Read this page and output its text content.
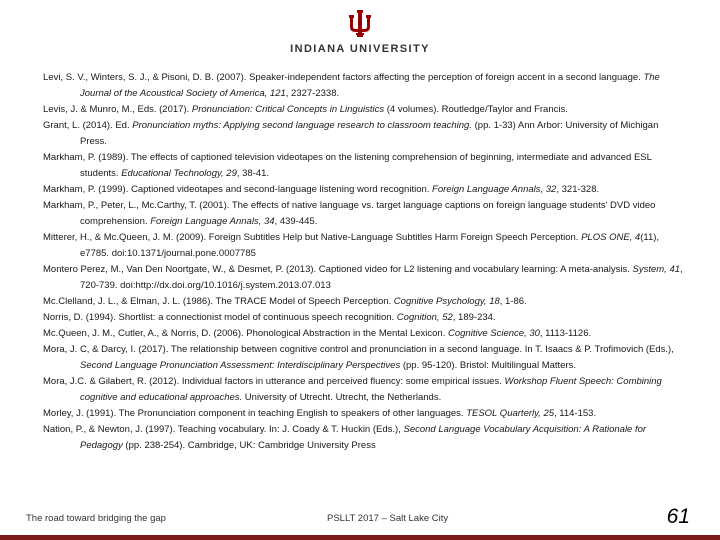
INDIANA UNIVERSITY

Levi, S. V., Winters, S. J., & Pisoni, D. B. (2007). Speaker-independent factors affecting the perception of foreign accent in a second language. The Journal of the Acoustical Society of America, 121, 2327-2338.

Levis, J. & Munro, M., Eds. (2017). Pronunciation: Critical Concepts in Linguistics (4 volumes). Routledge/Taylor and Francis.

Grant, L. (2014). Ed. Pronunciation myths: Applying second language research to classroom teaching. (pp. 1-33) Ann Arbor: University of Michigan Press.

Markham, P. (1989). The effects of captioned television videotapes on the listening comprehension of beginning, intermediate and advanced ESL students. Educational Technology, 29, 38-41.

Markham, P. (1999). Captioned videotapes and second-language listening word recognition. Foreign Language Annals, 32, 321-328.

Markham, P., Peter, L., Mc.Carthy, T. (2001). The effects of native language vs. target language captions on foreign language students' DVD video comprehension. Foreign Language Annals, 34, 439-445.

Mitterer, H., & Mc.Queen, J. M. (2009). Foreign Subtitles Help but Native-Language Subtitles Harm Foreign Speech Perception. PLOS ONE, 4(11), e7785. doi:10.1371/journal.pone.0007785

Montero Perez, M., Van Den Noortgate, W., & Desmet, P. (2013). Captioned video for L2 listening and vocabulary learning: A meta-analysis. System, 41, 720-739. doi:http://dx.doi.org/10.1016/j.system.2013.07.013

Mc.Clelland, J. L., & Elman, J. L. (1986). The TRACE Model of Speech Perception. Cognitive Psychology, 18, 1-86.

Norris, D. (1994). Shortlist: a connectionist model of continuous speech recognition. Cognition, 52, 189-234.

Mc.Queen, J. M., Cutler, A., & Norris, D. (2006). Phonological Abstraction in the Mental Lexicon. Cognitive Science, 30, 1113-1126.

Mora, J. C, & Darcy, I. (2017). The relationship between cognitive control and pronunciation in a second language. In T. Isaacs & P. Trofimovich (Eds.), Second Language Pronunciation Assessment: Interdisciplinary Perspectives (pp. 95-120). Bristol: Multilingual Matters.

Mora, J.C. & Gilabert, R. (2012). Individual factors in utterance and perceived fluency: some empirical issues. Workshop Fluent Speech: Combining cognitive and educational approaches. University of Utrecht. Utrecht, the Netherlands.

Morley, J. (1991). The Pronunciation component in teaching English to speakers of other languages. TESOL Quarterly, 25, 114-153.

Nation, P., & Newton, J. (1997). Teaching vocabulary. In: J. Coady & T. Huckin (Eds.), Second Language Vocabulary Acquisition: A Rationale for Pedagogy (pp. 238-254). Cambridge, UK: Cambridge University Press

The road toward bridging the gap	PSLLT 2017 – Salt Lake City	61
